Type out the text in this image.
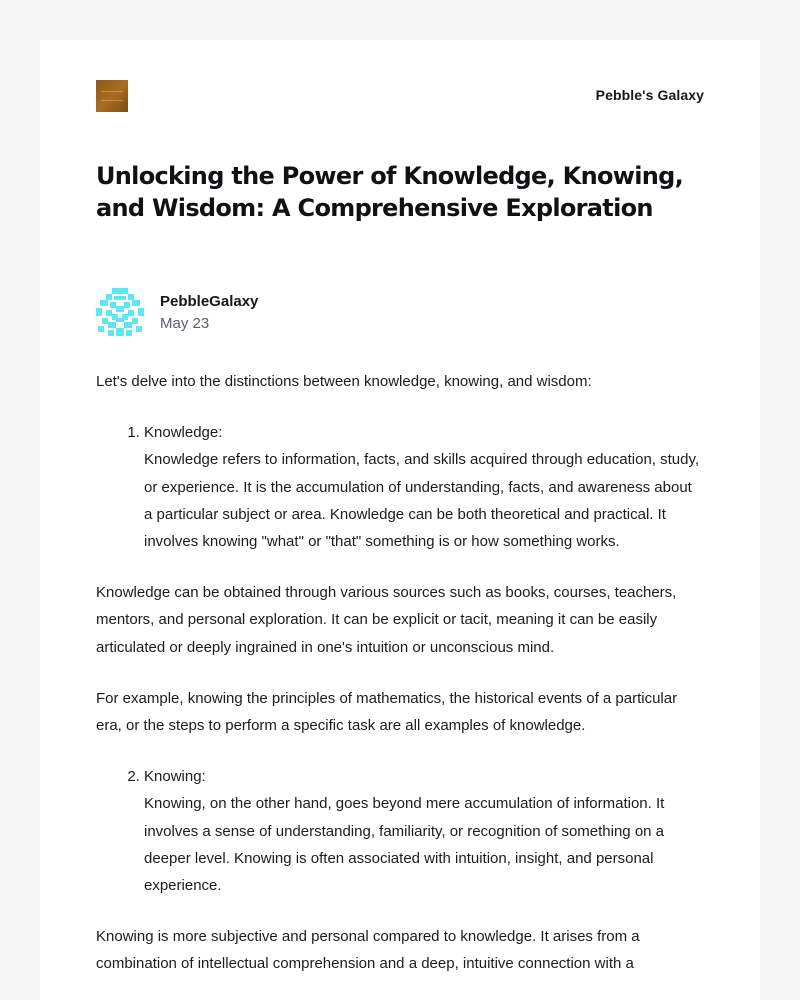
Pebble's Galaxy
Unlocking the Power of Knowledge, Knowing, and Wisdom: A Comprehensive Exploration
PebbleGalaxy
May 23

Let's delve into the distinctions between knowledge, knowing, and wisdom:

1. Knowledge:
Knowledge refers to information, facts, and skills acquired through education, study, or experience. It is the accumulation of understanding, facts, and awareness about a particular subject or area. Knowledge can be both theoretical and practical. It involves knowing "what" or "that" something is or how something works.

Knowledge can be obtained through various sources such as books, courses, teachers, mentors, and personal exploration. It can be explicit or tacit, meaning it can be easily articulated or deeply ingrained in one's intuition or unconscious mind.

For example, knowing the principles of mathematics, the historical events of a particular era, or the steps to perform a specific task are all examples of knowledge.

2. Knowing:
Knowing, on the other hand, goes beyond mere accumulation of information. It involves a sense of understanding, familiarity, or recognition of something on a deeper level. Knowing is often associated with intuition, insight, and personal experience.

Knowing is more subjective and personal compared to knowledge. It arises from a combination of intellectual comprehension and a deep, intuitive connection with a
